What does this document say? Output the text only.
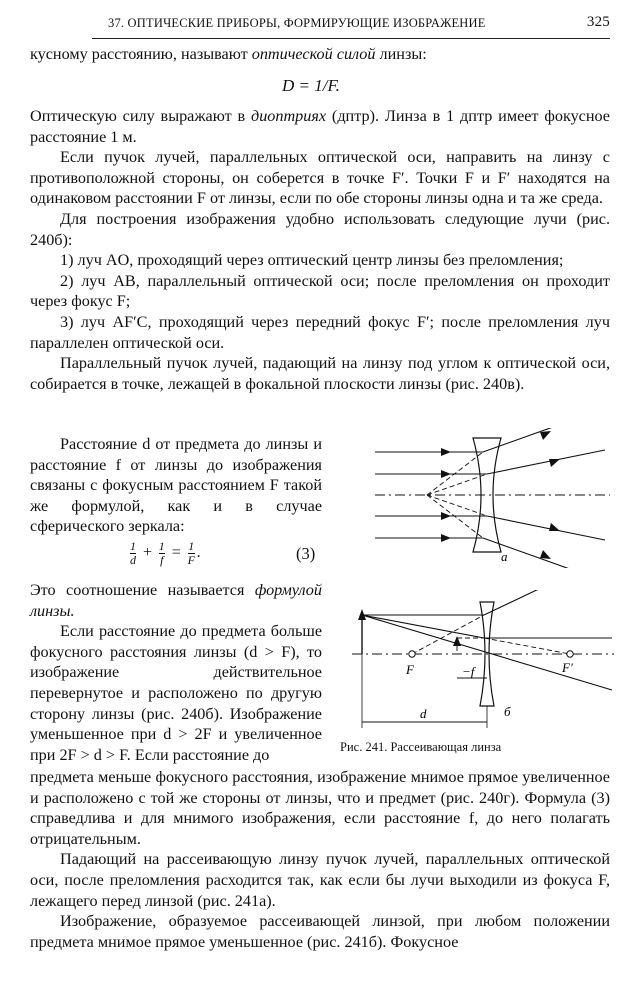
37. ОПТИЧЕСКИЕ ПРИБОРЫ, ФОРМИРУЮЩИЕ ИЗОБРАЖЕНИЕ	325

кусному расстоянию, называют оптической силой линзы:

D = 1/F.

Оптическую силу выражают в диоптриях (дптр). Линза в 1 дптр имеет фокусное расстояние 1 м.

Если пучок лучей, параллельных оптической оси, направить на линзу с противоположной стороны, он соберется в точке F′. Точки F и F′ находятся на одинаковом расстоянии F от линзы, если по обе стороны линзы одна и та же среда.

Для построения изображения удобно использовать следующие лучи (рис. 240б):

1) луч AO, проходящий через оптический центр линзы без преломления;

2) луч AB, параллельный оптической оси; после преломления он проходит через фокус F;

3) луч AF′C, проходящий через передний фокус F′; после преломления луч параллелен оптической оси.

Параллельный пучок лучей, падающий на линзу под углом к оптической оси, собирается в точке, лежащей в фокальной плоскости линзы (рис. 240в).

Расстояние d от предмета до линзы и расстояние f от линзы до изображения связаны с фокусным расстоянием F такой же формулой, как и в случае сферического зеркала:

$\frac{1}{d} + \frac{1}{f} = \frac{1}{F}$ .	(3)

Это соотношение называется формулой линзы.

Если расстояние до предмета больше фокусного расстояния линзы (d > F), то изображение действительное перевернутое и расположено по другую сторону линзы (рис. 240б). Изображение уменьшенное при d > 2F и увеличенное при 2F > d > F. Если расстояние до

предмета меньше фокусного расстояния, изображение мнимое прямое увеличенное и расположено с той же стороны от линзы, что и предмет (рис. 240г). Формула (3) справедлива и для мнимого изображения, если расстояние f, до него полагать отрицательным.

Падающий на рассеивающую линзу пучок лучей, параллельных оптической оси, после преломления расходится так, как если бы лучи выходили из фокуса F, лежащего перед линзой (рис. 241а).

Изображение, образуемое рассеивающей линзой, при любом положении предмета мнимое прямое уменьшенное (рис. 241б). Фокусное

а
F	F′
−f
d	б
Рис. 241. Рассеивающая линза
